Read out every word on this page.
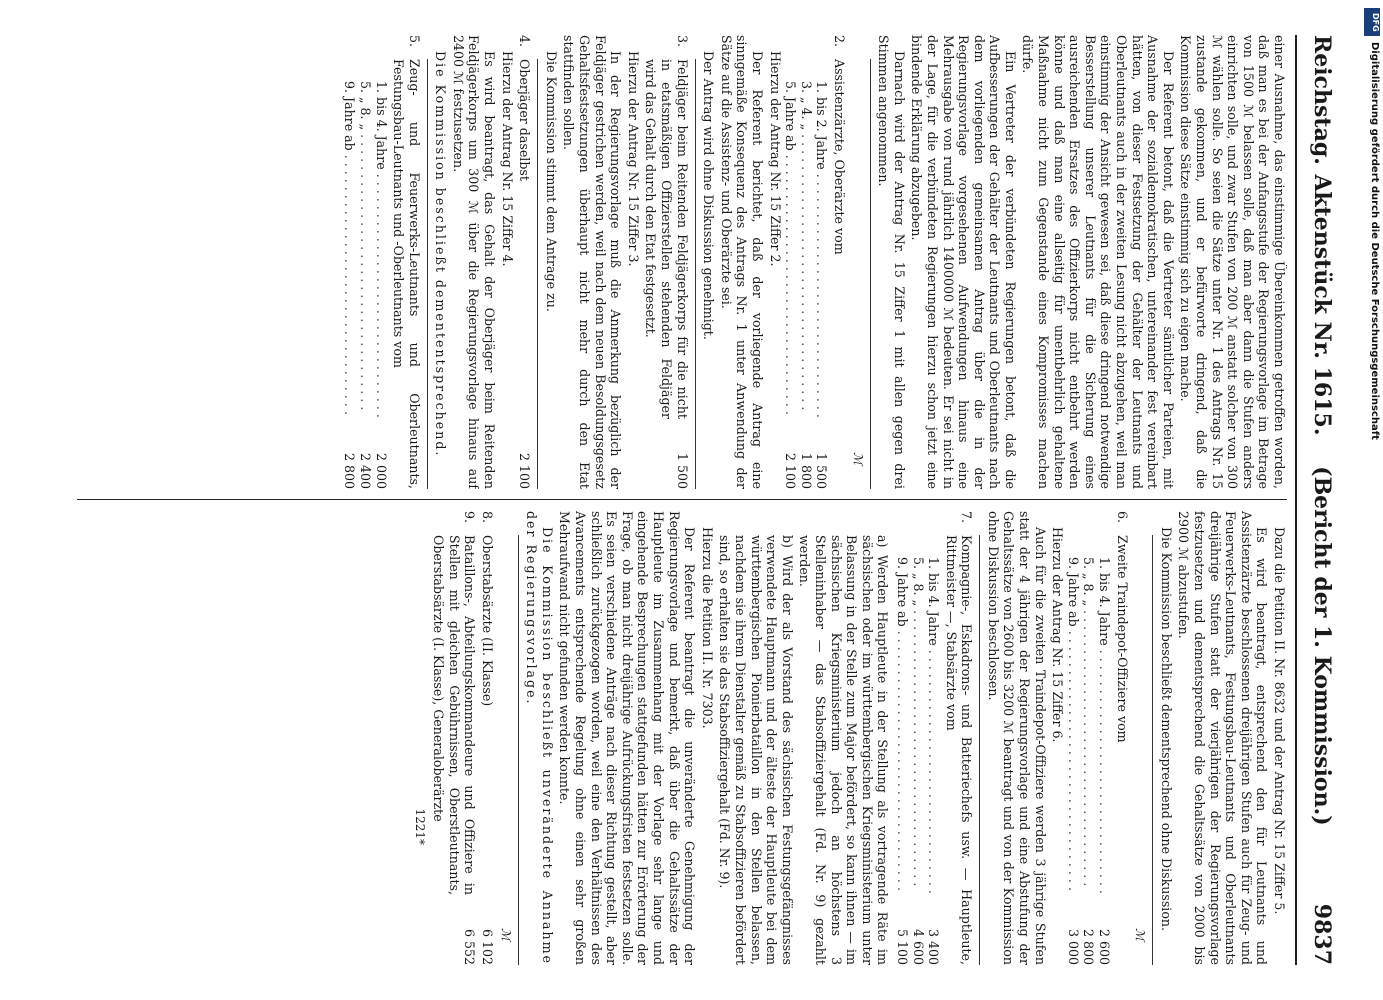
Reichstag.
Aktenstück Nr. 1615.    (Bericht der 1. Kommission.)
9837

einer Ausnahme, das einstimmige Übereinkommen getroffen worden, daß man es bei der Anfangsstufe der Regierungsvorlage im Betrage von 1500 ℳ belassen solle, daß man aber dann die Stufen anders einrichten solle, und zwar Stufen von 200 ℳ anstatt solcher von 300 ℳ wählen solle. So seien die Sätze unter Nr. 1 des Antrags Nr. 15 zustande gekommen, und er befürworte dringend, daß die Kommission diese Sätze einstimmig sich zu eigen mache.

Der Referent betont, daß die Vertreter sämtlicher Parteien, mit Ausnahme der sozialdemokratischen, untereinander fest vereinbart hätten, von dieser Festsetzung der Gehälter der Leutnants und Oberleutnants auch in der zweiten Lesung nicht abzugehen, weil man einstimmig der Ansicht gewesen sei, daß diese dringend notwendige Besserstellung unserer Leutnants für die Sicherung eines ausreichenden Ersatzes des Offizierkorps nicht entbehrt werden könne und daß man eine allseitig für unentbehrlich gehaltene Maßnahme nicht zum Gegenstande eines Kompromisses machen dürfe.

Ein Vertreter der verbündeten Regierungen betont, daß die Aufbesserungen der Gehälter der Leutnants und Oberleutnants nach dem vorliegenden gemeinsamen Antrag über die in der Regierungsvorlage vorgesehenen Aufwendungen hinaus eine Mehrausgabe von rund jährlich 1400000 ℳ bedeuten. Er sei nicht in der Lage, für die verbündeten Regierungen hierzu schon jetzt eine bindende Erklärung abzugeben.

Darnach wird der Antrag Nr. 15 Ziffer 1 mit allen gegen drei Stimmen angenommen.

ℳ
2.
Assistenzärzte, Oberärzte vom
1. bis 2. Jahre . . .
1 500
3. „ 4. „ . . .
1 800
5. Jahre ab . . .
2 100

Hierzu der Antrag Nr. 15 Ziffer 2.

Der Referent berichtet, daß der vorliegende Antrag eine sinngemäße Konsequenz des Antrags Nr. 1 unter Anwendung der Sätze auf die Assistenz- und Oberärzte sei.

Der Antrag wird ohne Diskussion genehmigt.

3.
Feldjäger beim Reitenden Feldjägerkorps für die nicht in etatsmäßigen Offizierstellen stehenden Feldjäger wird das Gehalt durch den Etat festgesetzt.
1 500

Hierzu der Antrag Nr. 15 Ziffer 3.

In der Regierungsvorlage muß die Anmerkung bezüglich der Feldjäger gestrichen werden, weil nach dem neuen Besoldungsgesetz Gehaltsfestsetzungen überhaupt nicht mehr durch den Etat stattfinden sollen.

Die Kommission stimmt dem Antrage zu.

4.
Oberjäger daselbst
2 100

Hierzu der Antrag Nr. 15 Ziffer 4.

Es wird beantragt, das Gehalt der Oberjäger beim Reitenden Feldjägerkorps um 300 ℳ über die Regierungsvorlage hinaus auf 2400 ℳ festzusetzen.

Die Kommission beschließt demententsprechend.

5.
Zeug- und Feuerwerks-Leutnants und Oberleutnants, Festungsbau-Leutnants und -Oberleutnants vom
1. bis 4. Jahre . . .
2 000
5. „ 8. „ . . .
2 400
9. Jahre ab . . .
2 800

Dazu die Petition II. Nr. 8632 und der Antrag Nr. 15 Ziffer 5.

Es wird beantragt, entsprechend den für Leutnants und Assistenzärzte beschlossenen dreijährigen Stufen auch für Zeug- und Feuerwerks-Leutnants, Festungsbau-Leutnants und Oberleutnants dreijährige Stufen statt der vierjährigen der Regierungsvorlage festzusetzen und dementsprechend die Gehaltssätze von 2000 bis 2900 ℳ abzustufen.

Die Kommission beschließt dementsprechend ohne Diskussion.

ℳ
6.
Zweite Traindepot-Offiziere vom
1. bis 4. Jahre . . .
2 600
5. „ 8. „ . . .
2 800
9. Jahre ab . . .
3 000

Hierzu der Antrag Nr. 15 Ziffer 6.

Auch für die zweiten Traindepot-Offiziere werden 3 jährige Stufen statt der 4 jährigen der Regierungsvorlage und eine Abstufung der Gehaltssätze von 2600 bis 3200 ℳ beantragt und von der Kommission ohne Diskussion beschlossen.

7.
Kompagnie-, Eskadrons- und Batteriechefs usw. — Hauptleute, Rittmeister —, Stabsärzte vom
1. bis 4. Jahre . . .
3 400
5. „ 8. „ . . .
4 600
9. Jahre ab . . .
5 100

a) Werden Hauptleute in der Stellung als vortragende Räte im sächsischen oder im württembergischen Kriegsministerium unter Belassung in der Stelle zum Major befördert, so kann ihnen — im sächsischen Kriegsministerium jedoch an höchstens 3 Stelleninhaber — das Stabsoffiziergehalt (Fd. Nr. 9) gezahlt werden.

b) Wird der als Vorstand des sächsischen Festungsgefängnisses verwendete Hauptmann und der älteste der Hauptleute bei dem württembergischen Pionierbataillon in den Stellen belassen, nachdem sie ihrem Dienstalter gemäß zu Stabsoffizieren befördert sind, so erhalten sie das Stabsoffiziergehalt (Fd. Nr. 9).

Hierzu die Petition II. Nr. 7303.

Der Referent beantragt die unveränderte Genehmigung der Regierungsvorlage und bemerkt, daß über die Gehaltssätze der Hauptleute im Zusammenhang mit der Vorlage sehr lange und eingehende Besprechungen stattgefunden hätten zur Erörterung der Frage, ob man nicht dreijährige Aufrückungsfristen festsetzen solle. Es seien verschiedene Anträge nach dieser Richtung gestellt, aber schließlich zurückgezogen worden, weil eine den Verhältnissen des Avancements entsprechende Regelung ohne einen sehr großen Mehraufwand nicht gefunden werden konnte.

Die Kommission beschließt unveränderte Annahme der Regierungsvorlage.

ℳ
8.
Oberstabsärzte (II. Klasse)
6 102
9.
Bataillons-, Abteilungskommandeure und Offiziere in Stellen mit gleichen Gebührnissen, Oberstleutnants, Oberstabsärzte (I. Klasse), Generaloberärzte
6 552
1221*
DFG
Digitalisierung gefördert durch die Deutsche Forschungsgemeinschaft
